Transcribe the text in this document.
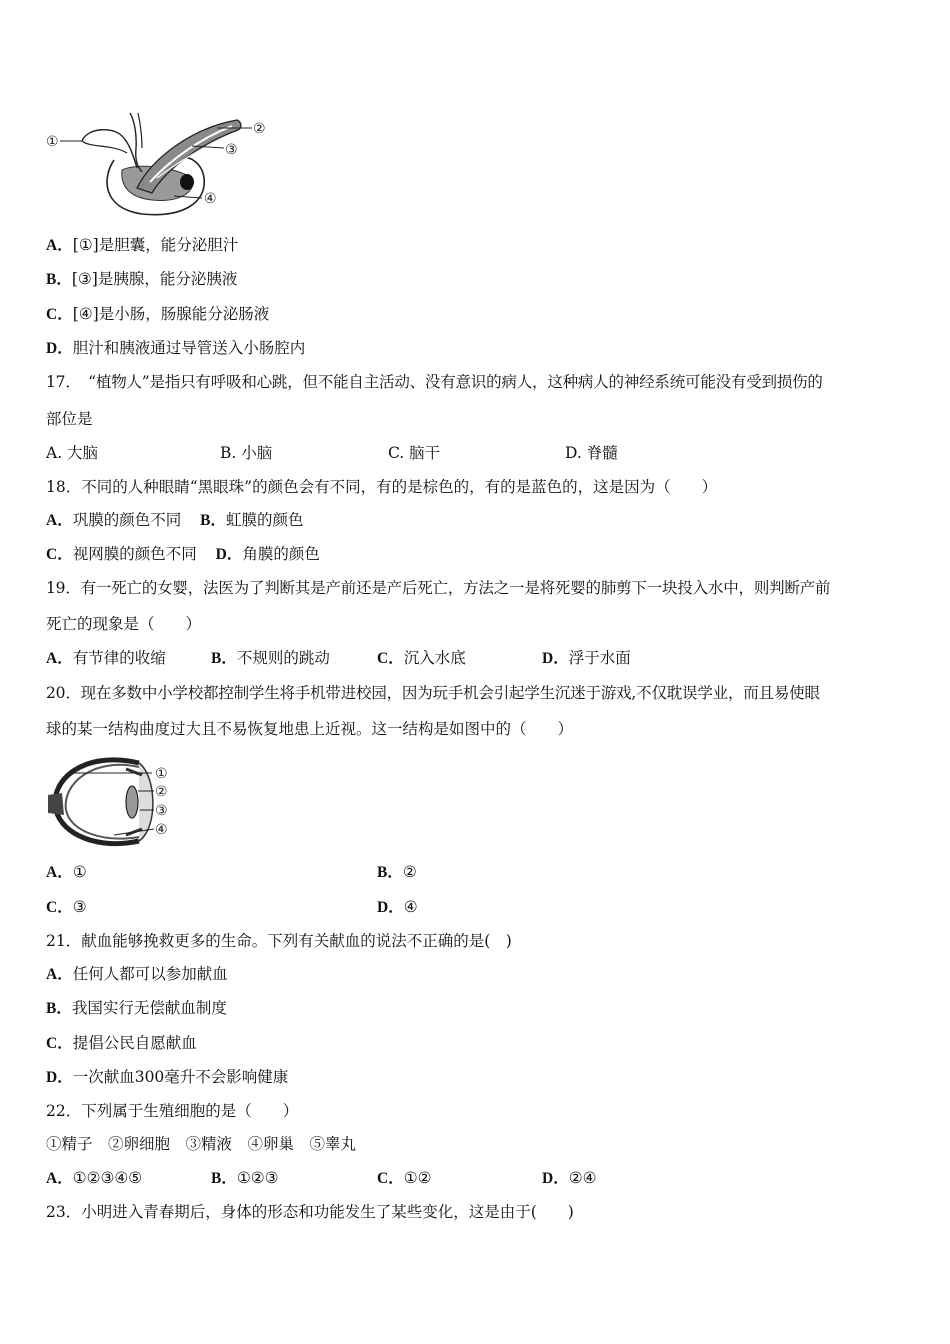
①
②
③
④
A．[①]是胆囊，能分泌胆汁
B．[③]是胰腺，能分泌胰液
C．[④]是小肠，肠腺能分泌肠液
D．胆汁和胰液通过导管送入小肠腔内
17．　“植物人”是指只有呼吸和心跳，但不能自主活动、没有意识的病人，这种病人的神经系统可能没有受到损伤的
部位是
A. 大脑	B. 小脑	C. 脑干	D. 脊髓
18．不同的人种眼睛“黑眼珠”的颜色会有不同，有的是棕色的，有的是蓝色的，这是因为（　　）
A．巩膜的颜色不同 B．虹膜的颜色
C．视网膜的颜色不同 D．角膜的颜色
19．有一死亡的女婴，法医为了判断其是产前还是产后死亡，方法之一是将死婴的肺剪下一块投入水中，则判断产前
死亡的现象是（　　）
A．有节律的收缩	B．不规则的跳动	C．沉入水底	D．浮于水面
20．现在多数中小学校都控制学生将手机带进校园，因为玩手机会引起学生沉迷于游戏,不仅耽误学业，而且易使眼
球的某一结构曲度过大且不易恢复地患上近视。这一结构是如图中的（　　）
①
②
③
④
A．①	B．②
C．③	D．④
21．献血能够挽救更多的生命。下列有关献血的说法不正确的是(　)
A．任何人都可以参加献血
B．我国实行无偿献血制度
C．提倡公民自愿献血
D．一次献血300毫升不会影响健康
22．下列属于生殖细胞的是（　　）
①精子　②卵细胞　③精液　④卵巢　⑤睾丸
A．①②③④⑤	B．①②③	C．①②	D．②④
23．小明进入青春期后，身体的形态和功能发生了某些变化，这是由于(　　)
